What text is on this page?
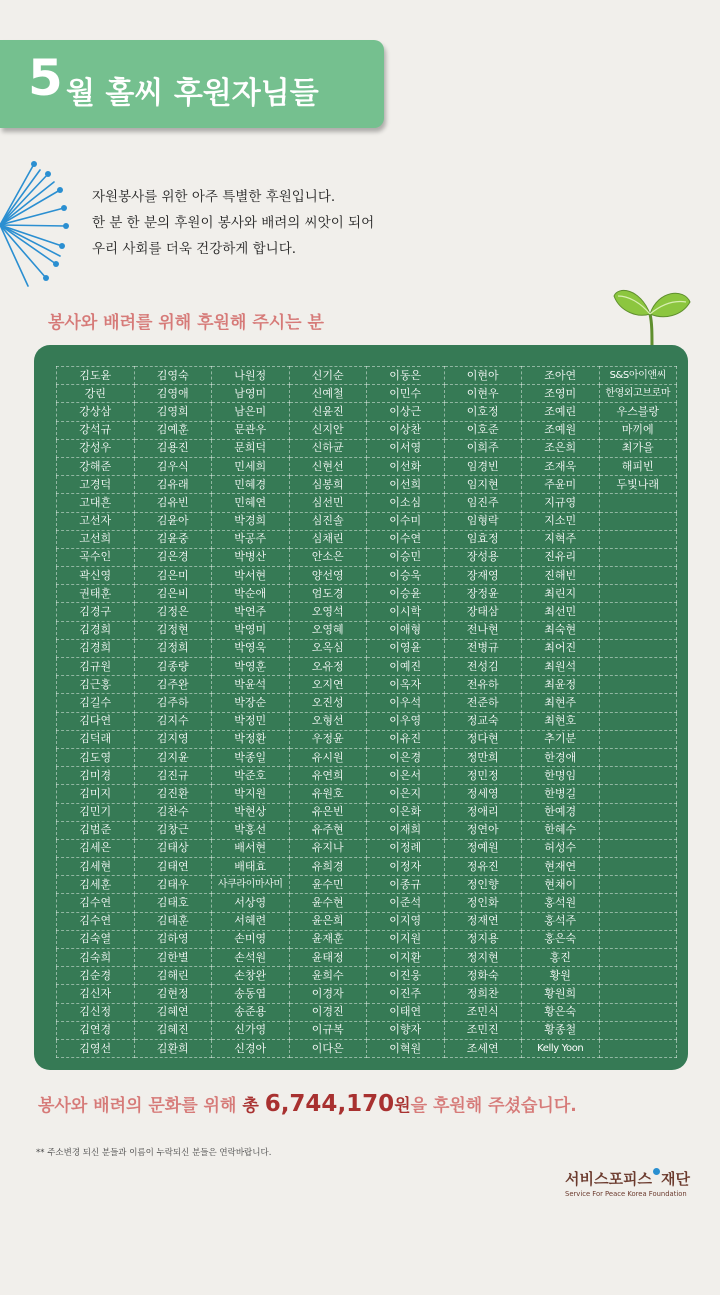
5 월 홀씨 후원자님들
자원봉사를 위한 아주 특별한 후원입니다.
한 분 한 분의 후원이 봉사와 배려의 씨앗이 되어
우리 사회를 더욱 건강하게 합니다.
봉사와 배려를 위해 후원해 주시는 분
김도윤	김영숙	나원정	신기순	이동은	이현아	조아연	S&S아이앤씨
강린	김영애	남영미	신예철	이민수	이현우	조영미	한영외고브로마
강상삼	김영희	남은미	신윤진	이상근	이호정	조예린	우스블랑
강석규	김예훈	문관우	신지안	이상찬	이호준	조예원	마끼에
강성우	김용진	문희덕	신하균	이서영	이희주	조은희	최가을
강해준	김우식	민세희	신현선	이선화	임경빈	조재욱	해피빈
고경덕	김유래	민혜경	심봉희	이선희	임지현	주윤미	두빛나래
고대흔	김유빈	민혜연	심선민	이소심	임진주	지규영	
고선자	김윤아	박경희	심진솔	이수미	임형락	지소민	
고선희	김윤중	박공주	심채린	이수연	임효정	지혁주	
곡수인	김은경	박병산	안소은	이승민	장성용	진유리	
곽신영	김은미	박서현	양선영	이승욱	장재영	진해빈	
권태훈	김은비	박순애	엄도경	이승윤	장정윤	최린지	
김경구	김정은	박연주	오영석	이시학	장태삼	최선민	
김경희	김정현	박영미	오영혜	이애형	전나현	최숙현	
김경희	김정희	박영욱	오옥심	이영윤	전병규	최어진	
김규원	김종량	박영훈	오유정	이예진	전성김	최원석	
김근홍	김주완	박윤석	오지연	이옥자	전유하	최윤정	
김길수	김주하	박장순	오진성	이우석	전준하	최현주	
김다연	김지수	박정민	오형선	이우영	정교숙	최현호	
김덕래	김지영	박정환	우정윤	이유진	정다현	추기분	
김도영	김지윤	박종일	유시원	이은경	정만희	한경애	
김미경	김진규	박준호	유연희	이은서	정민정	한명임	
김미지	김진환	박지원	유원호	이은지	정세영	한병길	
김민기	김찬수	박현상	유은빈	이은화	정애리	한예경	
김범준	김창근	박홍선	유주현	이재희	정연아	한혜수	
김세은	김태상	배서현	유지나	이정례	정예원	허성수	
김세현	김태연	배태효	유희경	이정자	정유진	현재연	
김세훈	김태우	사쿠라이마사미	윤수민	이종규	정인향	현채이	
김수연	김태호	서상영	윤수현	이준석	정인화	홍석원	
김수연	김태훈	서혜련	윤은희	이지영	정재연	홍석주	
김숙열	김하영	손미영	윤재훈	이지원	정지용	홍은숙	
김숙희	김한별	손석원	윤태정	이지환	정지현	홍진	
김순경	김해린	손창완	윤희수	이진웅	정화숙	황원	
김신자	김현정	송동엽	이경자	이진주	정희찬	황원희	
김신정	김혜연	송준용	이경진	이태연	조민식	황은숙	
김연경	김혜진	신가영	이규복	이향자	조민진	황종철	
김영선	김환희	신경아	이다은	이혁원	조세연	Kelly Yoon	
봉사와 배려의 문화를 위해 총 6,744,170원을 후원해 주셨습니다.
** 주소변경 되신 분들과 이름이 누락되신 분들은 연락바랍니다.
서비스포피스 재단
Service For Peace Korea Foundation
